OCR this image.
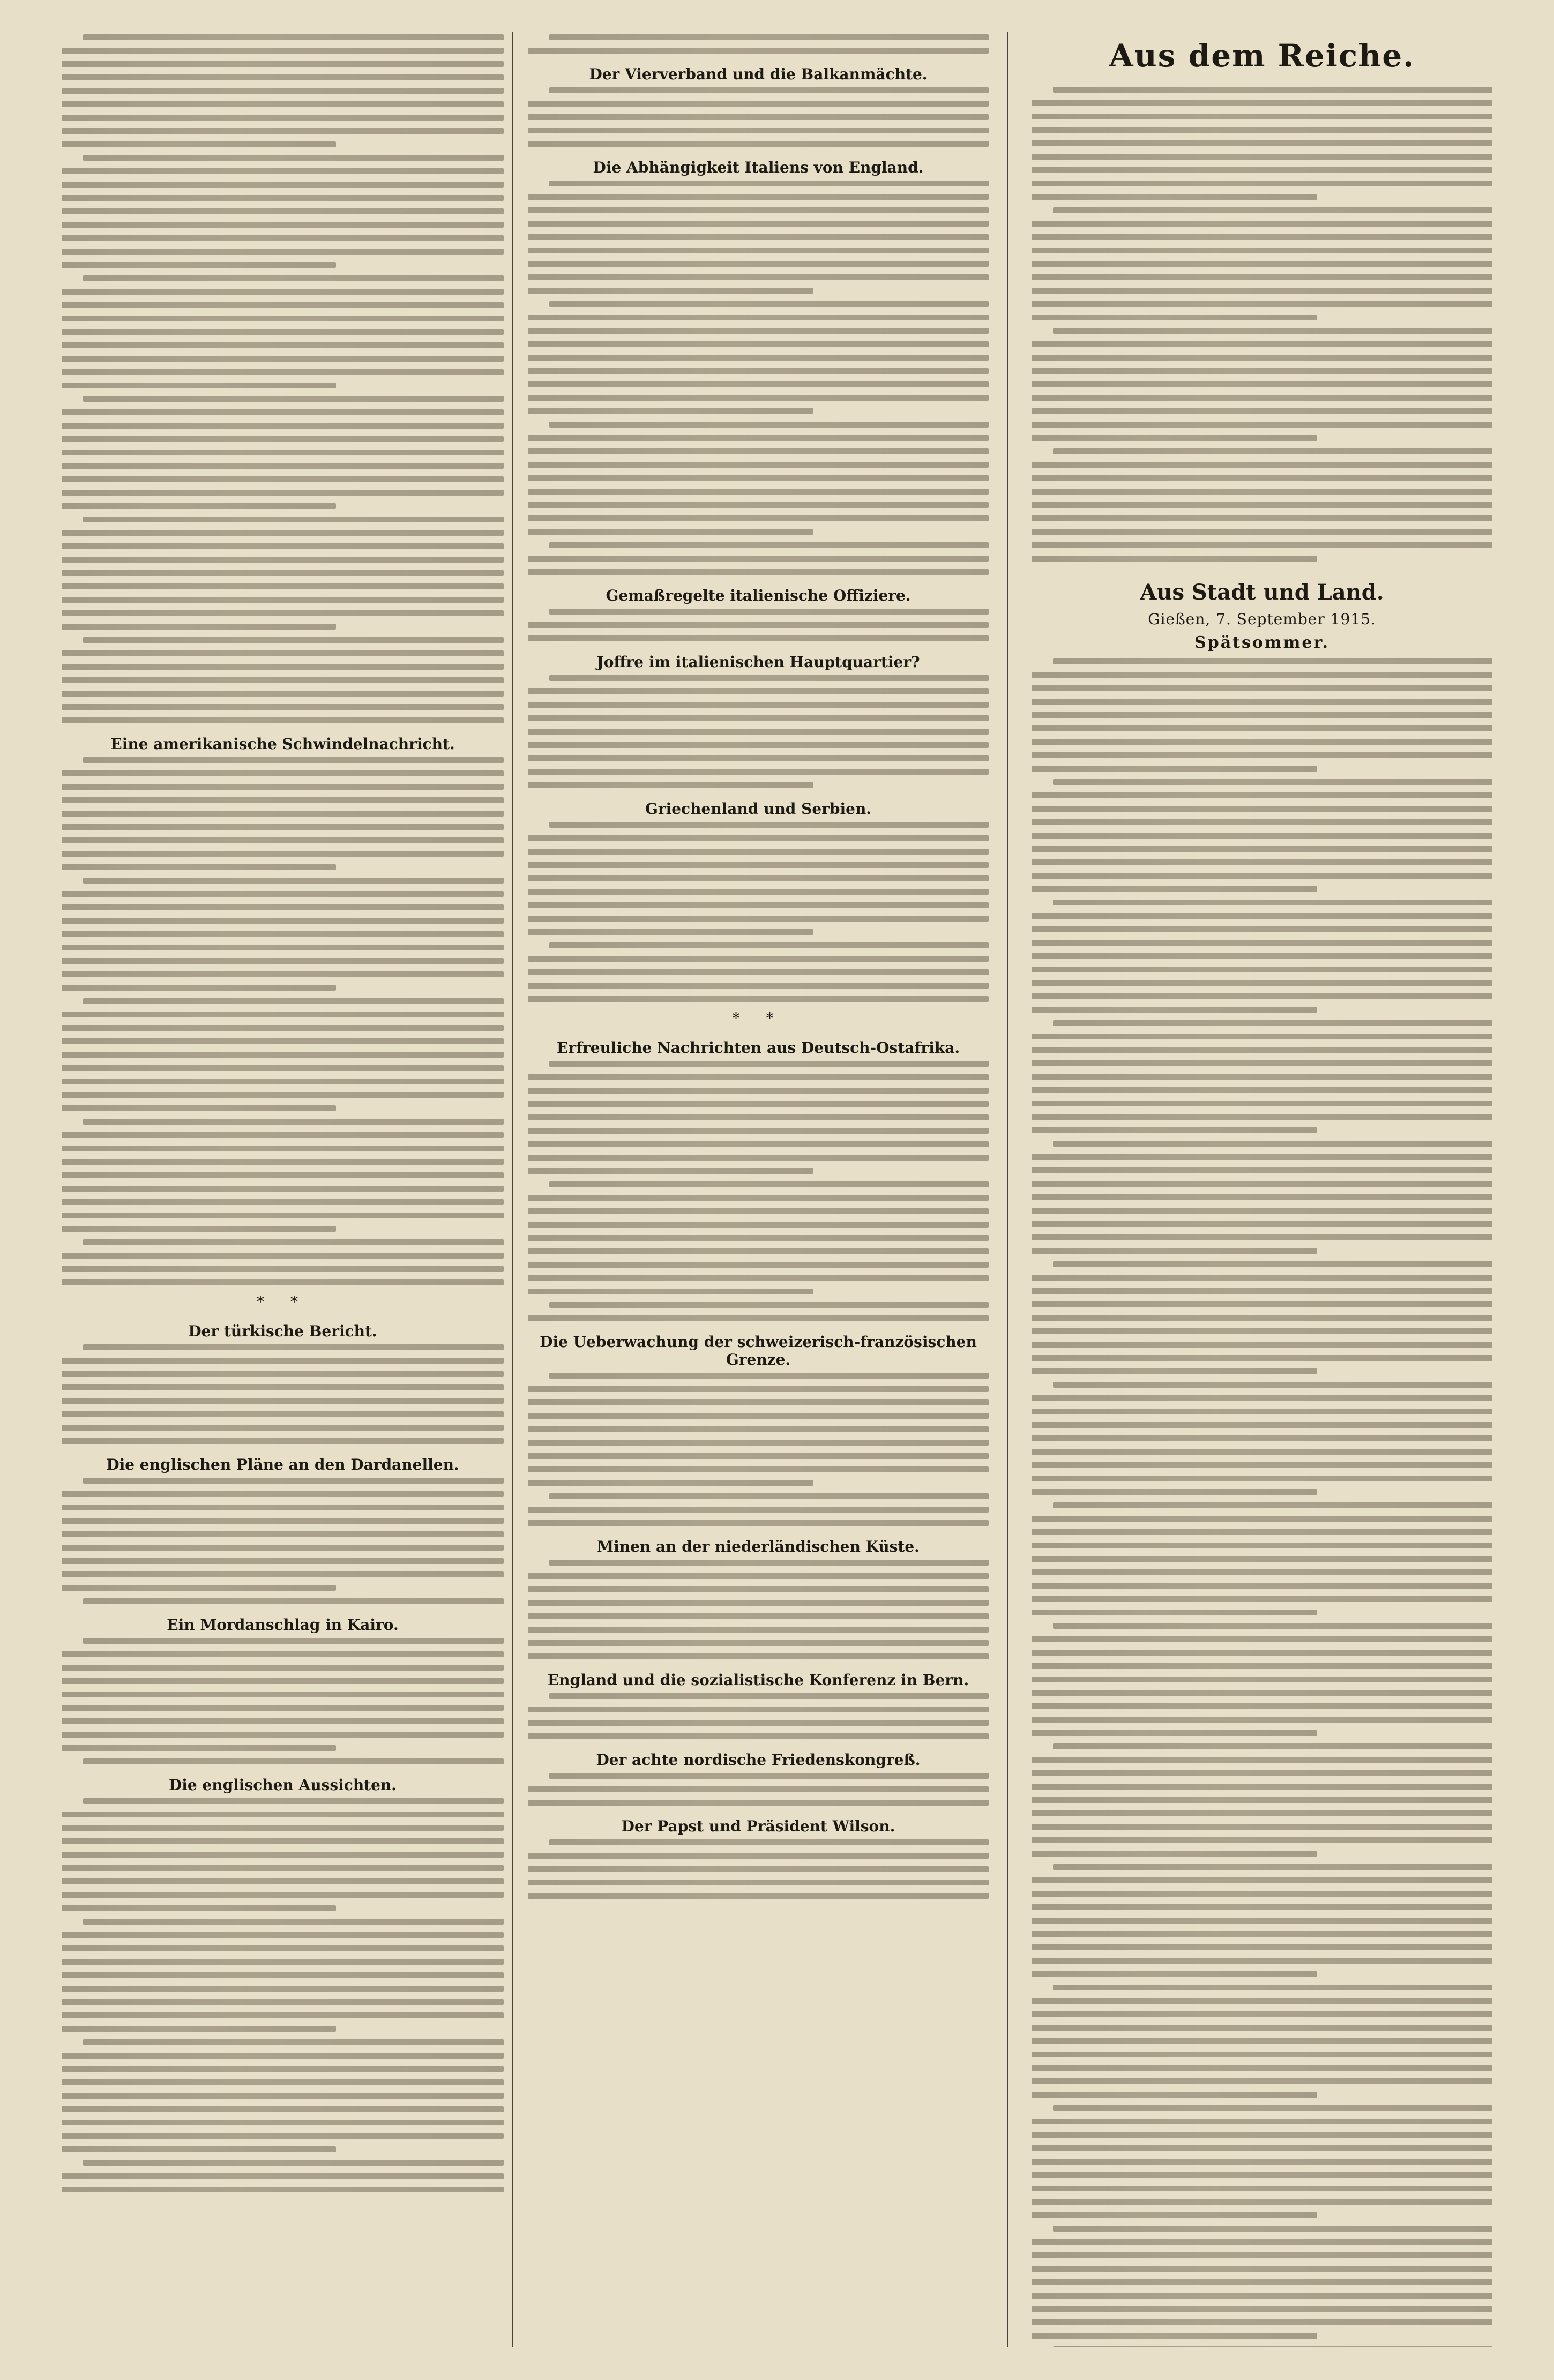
Eine amerikanische Schwindelnachricht.
* *
Der türkische Bericht.
Die englischen Pläne an den Dardanellen.
Ein Mordanschlag in Kairo.
Die englischen Aussichten.
Der Vierverband und die Balkanmächte.
Die Abhängigkeit Italiens von England.
Gemaßregelte italienische Offiziere.
Joffre im italienischen Hauptquartier?
Griechenland und Serbien.
* *
Erfreuliche Nachrichten aus Deutsch-Ostafrika.
Die Ueberwachung der schweizerisch-französischen Grenze.
Minen an der niederländischen Küste.
England und die sozialistische Konferenz in Bern.
Der achte nordische Friedenskongreß.
Der Papst und Präsident Wilson.
Aus dem Reiche.
Aus Stadt und Land.
Gießen, 7. September 1915.
Spätsommer.
